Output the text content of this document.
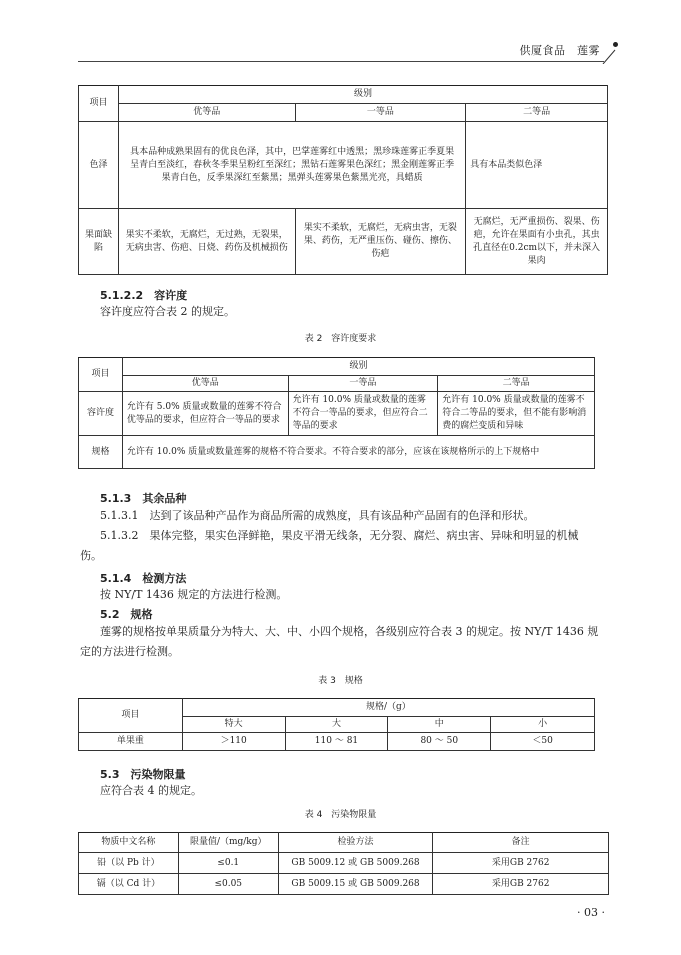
供厦食品　莲雾
项目	级别		
	优等品	一等品	二等品
色泽	具本品种成熟果固有的优良色泽，其中，巴掌莲雾红中透黑；黑珍珠莲雾正季夏果呈青白至淡红，春秋冬季果呈粉红至深红；黑钻石莲雾果色深红；黑金刚莲雾正季果青白色，反季果深红至紫黑；黑弹头莲雾果色紫黑光亮，具蜡质		具有本品类似色泽
果面缺陷	果实不柔软，无腐烂，无过熟，无裂果，无病虫害、伤疤、日烧、药伤及机械损伤	果实不柔软，无腐烂，无病虫害，无裂果、药伤，无严重压伤、碰伤、擦伤、伤疤	无腐烂，无严重损伤、裂果、伤疤，允许在果面有小虫孔，其虫孔直径在0.2cm以下，并未深入果肉
5.1.2.2　容许度
容许度应符合表 2 的规定。
表 2　容许度要求
项目	级别		
	优等品	一等品	二等品
容许度	允许有 5.0% 质量或数量的莲雾不符合优等品的要求，但应符合一等品的要求	允许有 10.0% 质量或数量的莲雾不符合一等品的要求，但应符合二等品的要求	允许有 10.0% 质量或数量的莲雾不符合二等品的要求，但不能有影响消费的腐烂变质和异味
规格	允许有 10.0% 质量或数量莲雾的规格不符合要求。不符合要求的部分，应该在该规格所示的上下规格中		
5.1.3　其余品种
5.1.3.1　达到了该品种产品作为商品所需的成熟度，具有该品种产品固有的色泽和形状。
5.1.3.2　果体完整，果实色泽鲜艳，果皮平滑无线条，无分裂、腐烂、病虫害、异味和明显的机械伤。
5.1.4　检测方法
按 NY/T 1436 规定的方法进行检测。
5.2　规格
莲雾的规格按单果质量分为特大、大、中、小四个规格，各级别应符合表 3 的规定。按 NY/T 1436 规定的方法进行检测。
表 3　规格
项目	规格/（g）			
	特大	大	中	小
单果重	＞110	110 ～ 81	80 ～ 50	＜50
5.3　污染物限量
应符合表 4 的规定。
表 4　污染物限量
物质中文名称	限量值/（mg/kg）	检验方法	备注
铅（以 Pb 计）	≤0.1	GB 5009.12 或 GB 5009.268	采用GB 2762
镉（以 Cd 计）	≤0.05	GB 5009.15 或 GB 5009.268	采用GB 2762
· 03 ·
